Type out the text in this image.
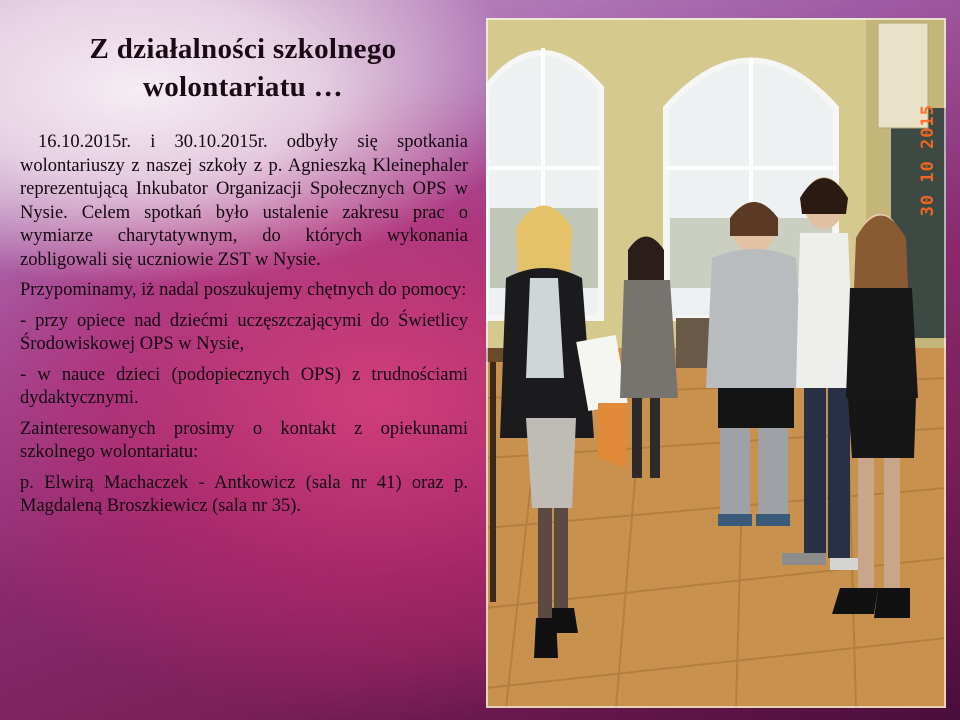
Z działalności szkolnego
wolontariatu …

16.10.2015r. i 30.10.2015r. odbyły się spotkania wolontariuszy z naszej szkoły z p. Agnieszką Kleinephaler reprezentującą Inkubator Organizacji Społecznych OPS w Nysie. Celem spotkań było ustalenie zakresu prac o wymiarze charytatywnym, do których wykonania zobligowali się uczniowie ZST w Nysie.

Przypominamy, iż nadal poszukujemy chętnych do pomocy:

- przy opiece nad dziećmi uczęszczającymi do Świetlicy Środowiskowej OPS w Nysie,

- w nauce dzieci (podopiecznych OPS) z trudnościami dydaktycznymi.

Zainteresowanych prosimy o kontakt z opiekunami szkolnego wolontariatu:

p. Elwirą Machaczek - Antkowicz (sala nr 41) oraz p. Magdaleną Broszkiewicz (sala nr 35).

30 10 2015
